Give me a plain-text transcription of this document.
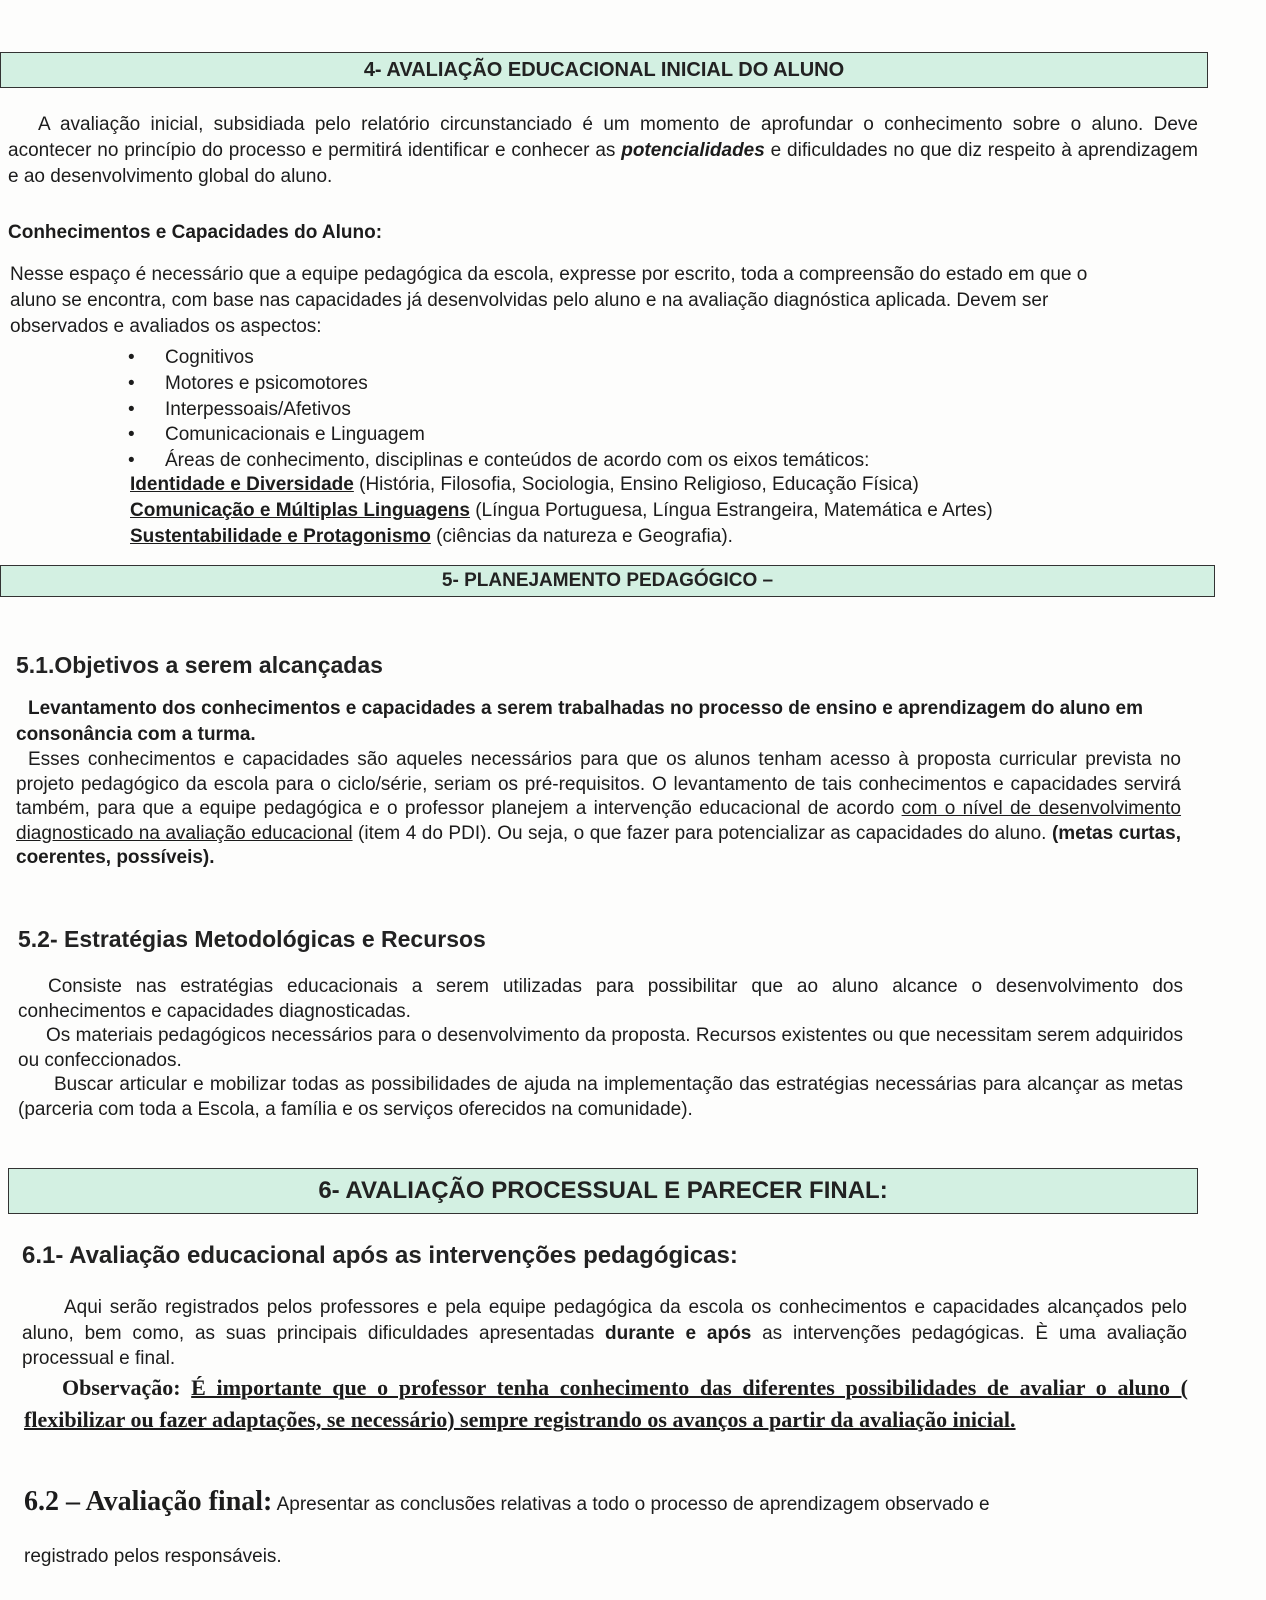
4- AVALIAÇÃO EDUCACIONAL INICIAL DO ALUNO
A avaliação inicial, subsidiada pelo relatório circunstanciado é um momento de aprofundar o conhecimento sobre o aluno. Deve acontecer no princípio do processo e permitirá identificar e conhecer as potencialidades e dificuldades no que diz respeito à aprendizagem e ao desenvolvimento global do aluno.
Conhecimentos e Capacidades do Aluno:
Nesse espaço é necessário que a equipe pedagógica da escola, expresse por escrito, toda a compreensão do estado em que o aluno se encontra, com base nas capacidades já desenvolvidas pelo aluno e na avaliação diagnóstica aplicada. Devem ser observados e avaliados os aspectos:
• Cognitivos
• Motores e psicomotores
• Interpessoais/Afetivos
• Comunicacionais e Linguagem
• Áreas de conhecimento, disciplinas e conteúdos de acordo com os eixos temáticos:
Identidade e Diversidade (História, Filosofia, Sociologia, Ensino Religioso, Educação Física)
Comunicação e Múltiplas Linguagens (Língua Portuguesa, Língua Estrangeira, Matemática e Artes)
Sustentabilidade e Protagonismo (ciências da natureza e Geografia).
5- PLANEJAMENTO PEDAGÓGICO –
5.1.Objetivos a serem alcançadas
Levantamento dos conhecimentos e capacidades a serem trabalhadas no processo de ensino e aprendizagem do aluno em consonância com a turma.
Esses conhecimentos e capacidades são aqueles necessários para que os alunos tenham acesso à proposta curricular prevista no projeto pedagógico da escola para o ciclo/série, seriam os pré-requisitos. O levantamento de tais conhecimentos e capacidades servirá também, para que a equipe pedagógica e o professor planejem a intervenção educacional de acordo com o nível de desenvolvimento diagnosticado na avaliação educacional (item 4 do PDI). Ou seja, o que fazer para potencializar as capacidades do aluno. (metas curtas, coerentes, possíveis).
5.2- Estratégias Metodológicas e Recursos
Consiste nas estratégias educacionais a serem utilizadas para possibilitar que ao aluno alcance o desenvolvimento dos conhecimentos e capacidades diagnosticadas.
Os materiais pedagógicos necessários para o desenvolvimento da proposta. Recursos existentes ou que necessitam serem adquiridos ou confeccionados.
Buscar articular e mobilizar todas as possibilidades de ajuda na implementação das estratégias necessárias para alcançar as metas (parceria com toda a Escola, a família e os serviços oferecidos na comunidade).
6- AVALIAÇÃO PROCESSUAL E PARECER FINAL:
6.1- Avaliação educacional após as intervenções pedagógicas:
Aqui serão registrados pelos professores e pela equipe pedagógica da escola os conhecimentos e capacidades alcançados pelo aluno, bem como, as suas principais dificuldades apresentadas durante e após as intervenções pedagógicas. È uma avaliação processual e final.
Observação: É importante que o professor tenha conhecimento das diferentes possibilidades de avaliar o aluno ( flexibilizar ou fazer adaptações, se necessário) sempre registrando os avanços a partir da avaliação inicial.
6.2 – Avaliação final: Apresentar as conclusões relativas a todo o processo de aprendizagem observado e
registrado pelos responsáveis.
